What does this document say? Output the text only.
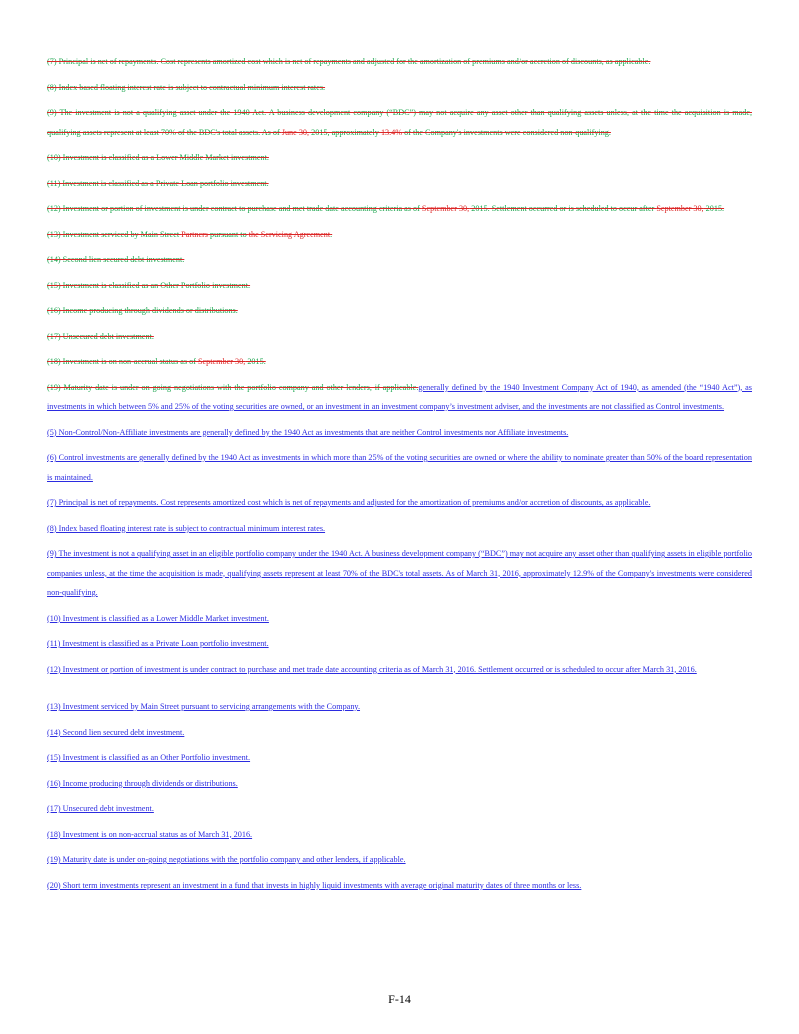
(7) Principal is net of repayments. Cost represents amortized cost which is net of repayments and adjusted for the amortization of premiums and/or accretion of discounts, as applicable.

(8) Index based floating interest rate is subject to contractual minimum interest rates.

(9) The investment is not a qualifying asset under the 1940 Act. A business development company (“BDC”) may not acquire any asset other than qualifying assets unless, at the time the acquisition is made, qualifying assets represent at least 70% of the BDC's total assets. As of June 30, 2015, approximately 13.4% of the Company's investments were considered non-qualifying.

(10) Investment is classified as a Lower Middle Market investment.

(11) Investment is classified as a Private Loan portfolio investment.

(12) Investment or portion of investment is under contract to purchase and met trade date accounting criteria as of September 30, 2015. Settlement occurred or is scheduled to occur after September 30, 2015.

(13) Investment serviced by Main Street Partners pursuant to the Servicing Agreement.

(14) Second lien secured debt investment.

(15) Investment is classified as an Other Portfolio investment.

(16) Income producing through dividends or distributions.

(17) Unsecured debt investment.

(18) Investment is on non-accrual status as of September 30, 2015.

(19) Maturity date is under on-going negotiations with the portfolio company and other lenders, if applicable.generally defined by the 1940 Investment Company Act of 1940, as amended (the “1940 Act”), as investments in which between 5% and 25% of the voting securities are owned, or an investment in an investment company’s investment adviser, and the investments are not classified as Control investments.

(5) Non-Control/Non-Affiliate investments are generally defined by the 1940 Act as investments that are neither Control investments nor Affiliate investments.

(6) Control investments are generally defined by the 1940 Act as investments in which more than 25% of the voting securities are owned or where the ability to nominate greater than 50% of the board representation is maintained.

(7) Principal is net of repayments. Cost represents amortized cost which is net of repayments and adjusted for the amortization of premiums and/or accretion of discounts, as applicable.

(8) Index based floating interest rate is subject to contractual minimum interest rates.

(9) The investment is not a qualifying asset in an eligible portfolio company under the 1940 Act. A business development company (“BDC”) may not acquire any asset other than qualifying assets in eligible portfolio companies unless, at the time the acquisition is made, qualifying assets represent at least 70% of the BDC's total assets. As of March 31, 2016, approximately 12.9% of the Company's investments were considered non-qualifying.

(10) Investment is classified as a Lower Middle Market investment.

(11) Investment is classified as a Private Loan portfolio investment.

(12) Investment or portion of investment is under contract to purchase and met trade date accounting criteria as of March 31, 2016. Settlement occurred or is scheduled to occur after March 31, 2016.

(13) Investment serviced by Main Street pursuant to servicing arrangements with the Company.

(14) Second lien secured debt investment.

(15) Investment is classified as an Other Portfolio investment.

(16) Income producing through dividends or distributions.

(17) Unsecured debt investment.

(18) Investment is on non-accrual status as of March 31, 2016.

(19) Maturity date is under on-going negotiations with the portfolio company and other lenders, if applicable.

(20) Short term investments represent an investment in a fund that invests in highly liquid investments with average original maturity dates of three months or less.

F-14
